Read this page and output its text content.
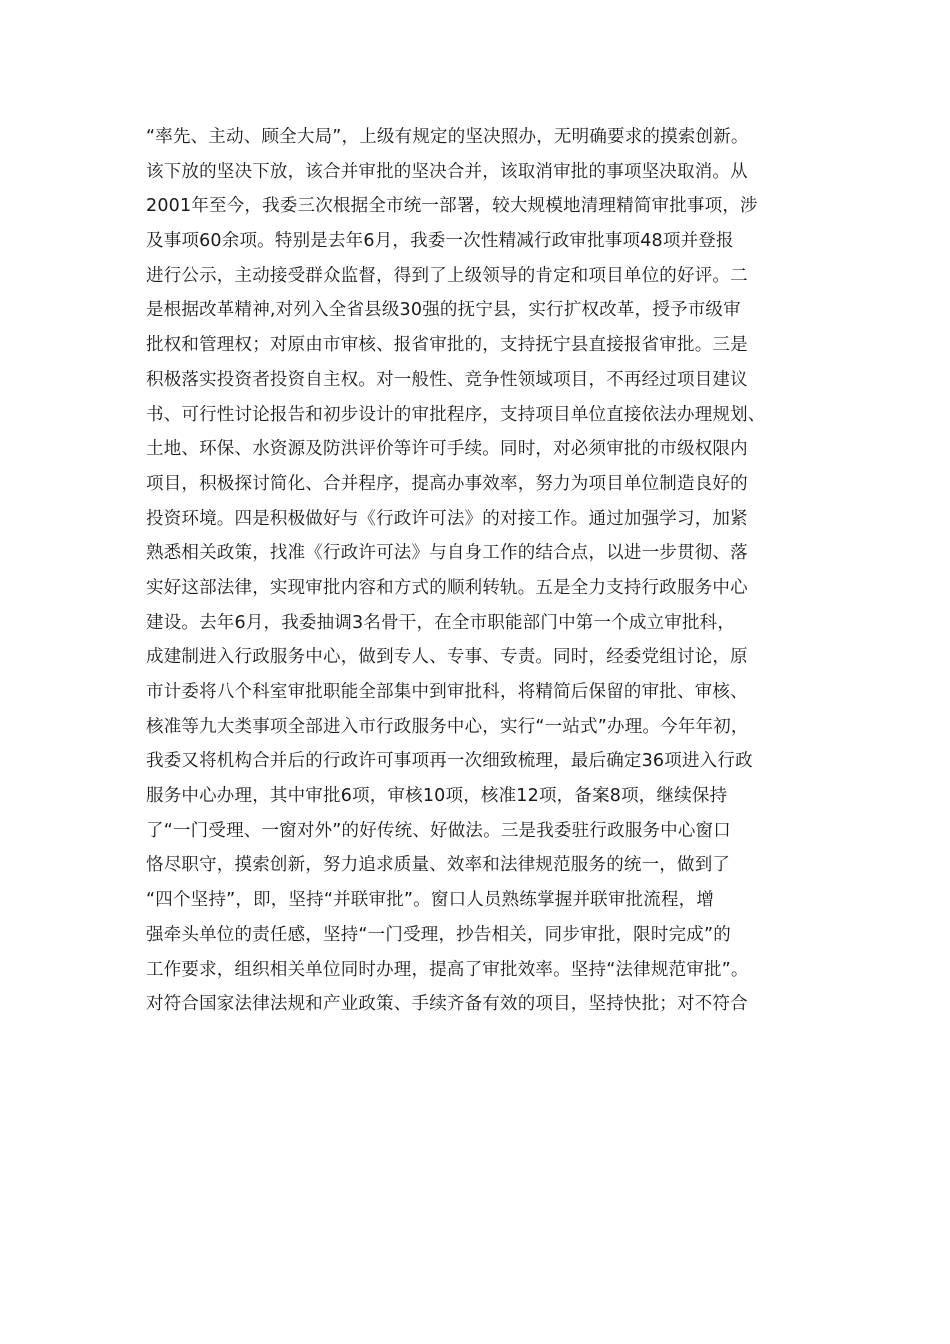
“率先、主动、顾全大局”，上级有规定的坚决照办，无明确要求的摸索创新。
该下放的坚决下放，该合并审批的坚决合并，该取消审批的事项坚决取消。从
2001年至今，我委三次根据全市统一部署，较大规模地清理精简审批事项，涉
及事项60余项。特别是去年6月，我委一次性精减行政审批事项48项并登报
进行公示，主动接受群众监督，得到了上级领导的肯定和项目单位的好评。二
是根据改革精神,对列入全省县级30强的抚宁县，实行扩权改革，授予市级审
批权和管理权；对原由市审核、报省审批的，支持抚宁县直接报省审批。三是
积极落实投资者投资自主权。对一般性、竞争性领域项目，不再经过项目建议
书、可行性讨论报告和初步设计的审批程序，支持项目单位直接依法办理规划、
土地、环保、水资源及防洪评价等许可手续。同时，对必须审批的市级权限内
项目，积极探讨简化、合并程序，提高办事效率，努力为项目单位制造良好的
投资环境。四是积极做好与《行政许可法》的对接工作。通过加强学习，加紧
熟悉相关政策，找准《行政许可法》与自身工作的结合点，以进一步贯彻、落
实好这部法律，实现审批内容和方式的顺利转轨。五是全力支持行政服务中心
建设。去年6月，我委抽调3名骨干，在全市职能部门中第一个成立审批科，
成建制进入行政服务中心，做到专人、专事、专责。同时，经委党组讨论，原
市计委将八个科室审批职能全部集中到审批科，将精简后保留的审批、审核、
核准等九大类事项全部进入市行政服务中心，实行“一站式”办理。今年年初，
我委又将机构合并后的行政许可事项再一次细致梳理，最后确定36项进入行政
服务中心办理，其中审批6项，审核10项，核准12项，备案8项，继续保持
了“一门受理、一窗对外”的好传统、好做法。三是我委驻行政服务中心窗口
恪尽职守，摸索创新，努力追求质量、效率和法律规范服务的统一，做到了
“四个坚持”，即，坚持“并联审批”。窗口人员熟练掌握并联审批流程，增
强牵头单位的责任感，坚持“一门受理，抄告相关，同步审批，限时完成”的
工作要求，组织相关单位同时办理，提高了审批效率。坚持“法律规范审批”。
对符合国家法律法规和产业政策、手续齐备有效的项目，坚持快批；对不符合
